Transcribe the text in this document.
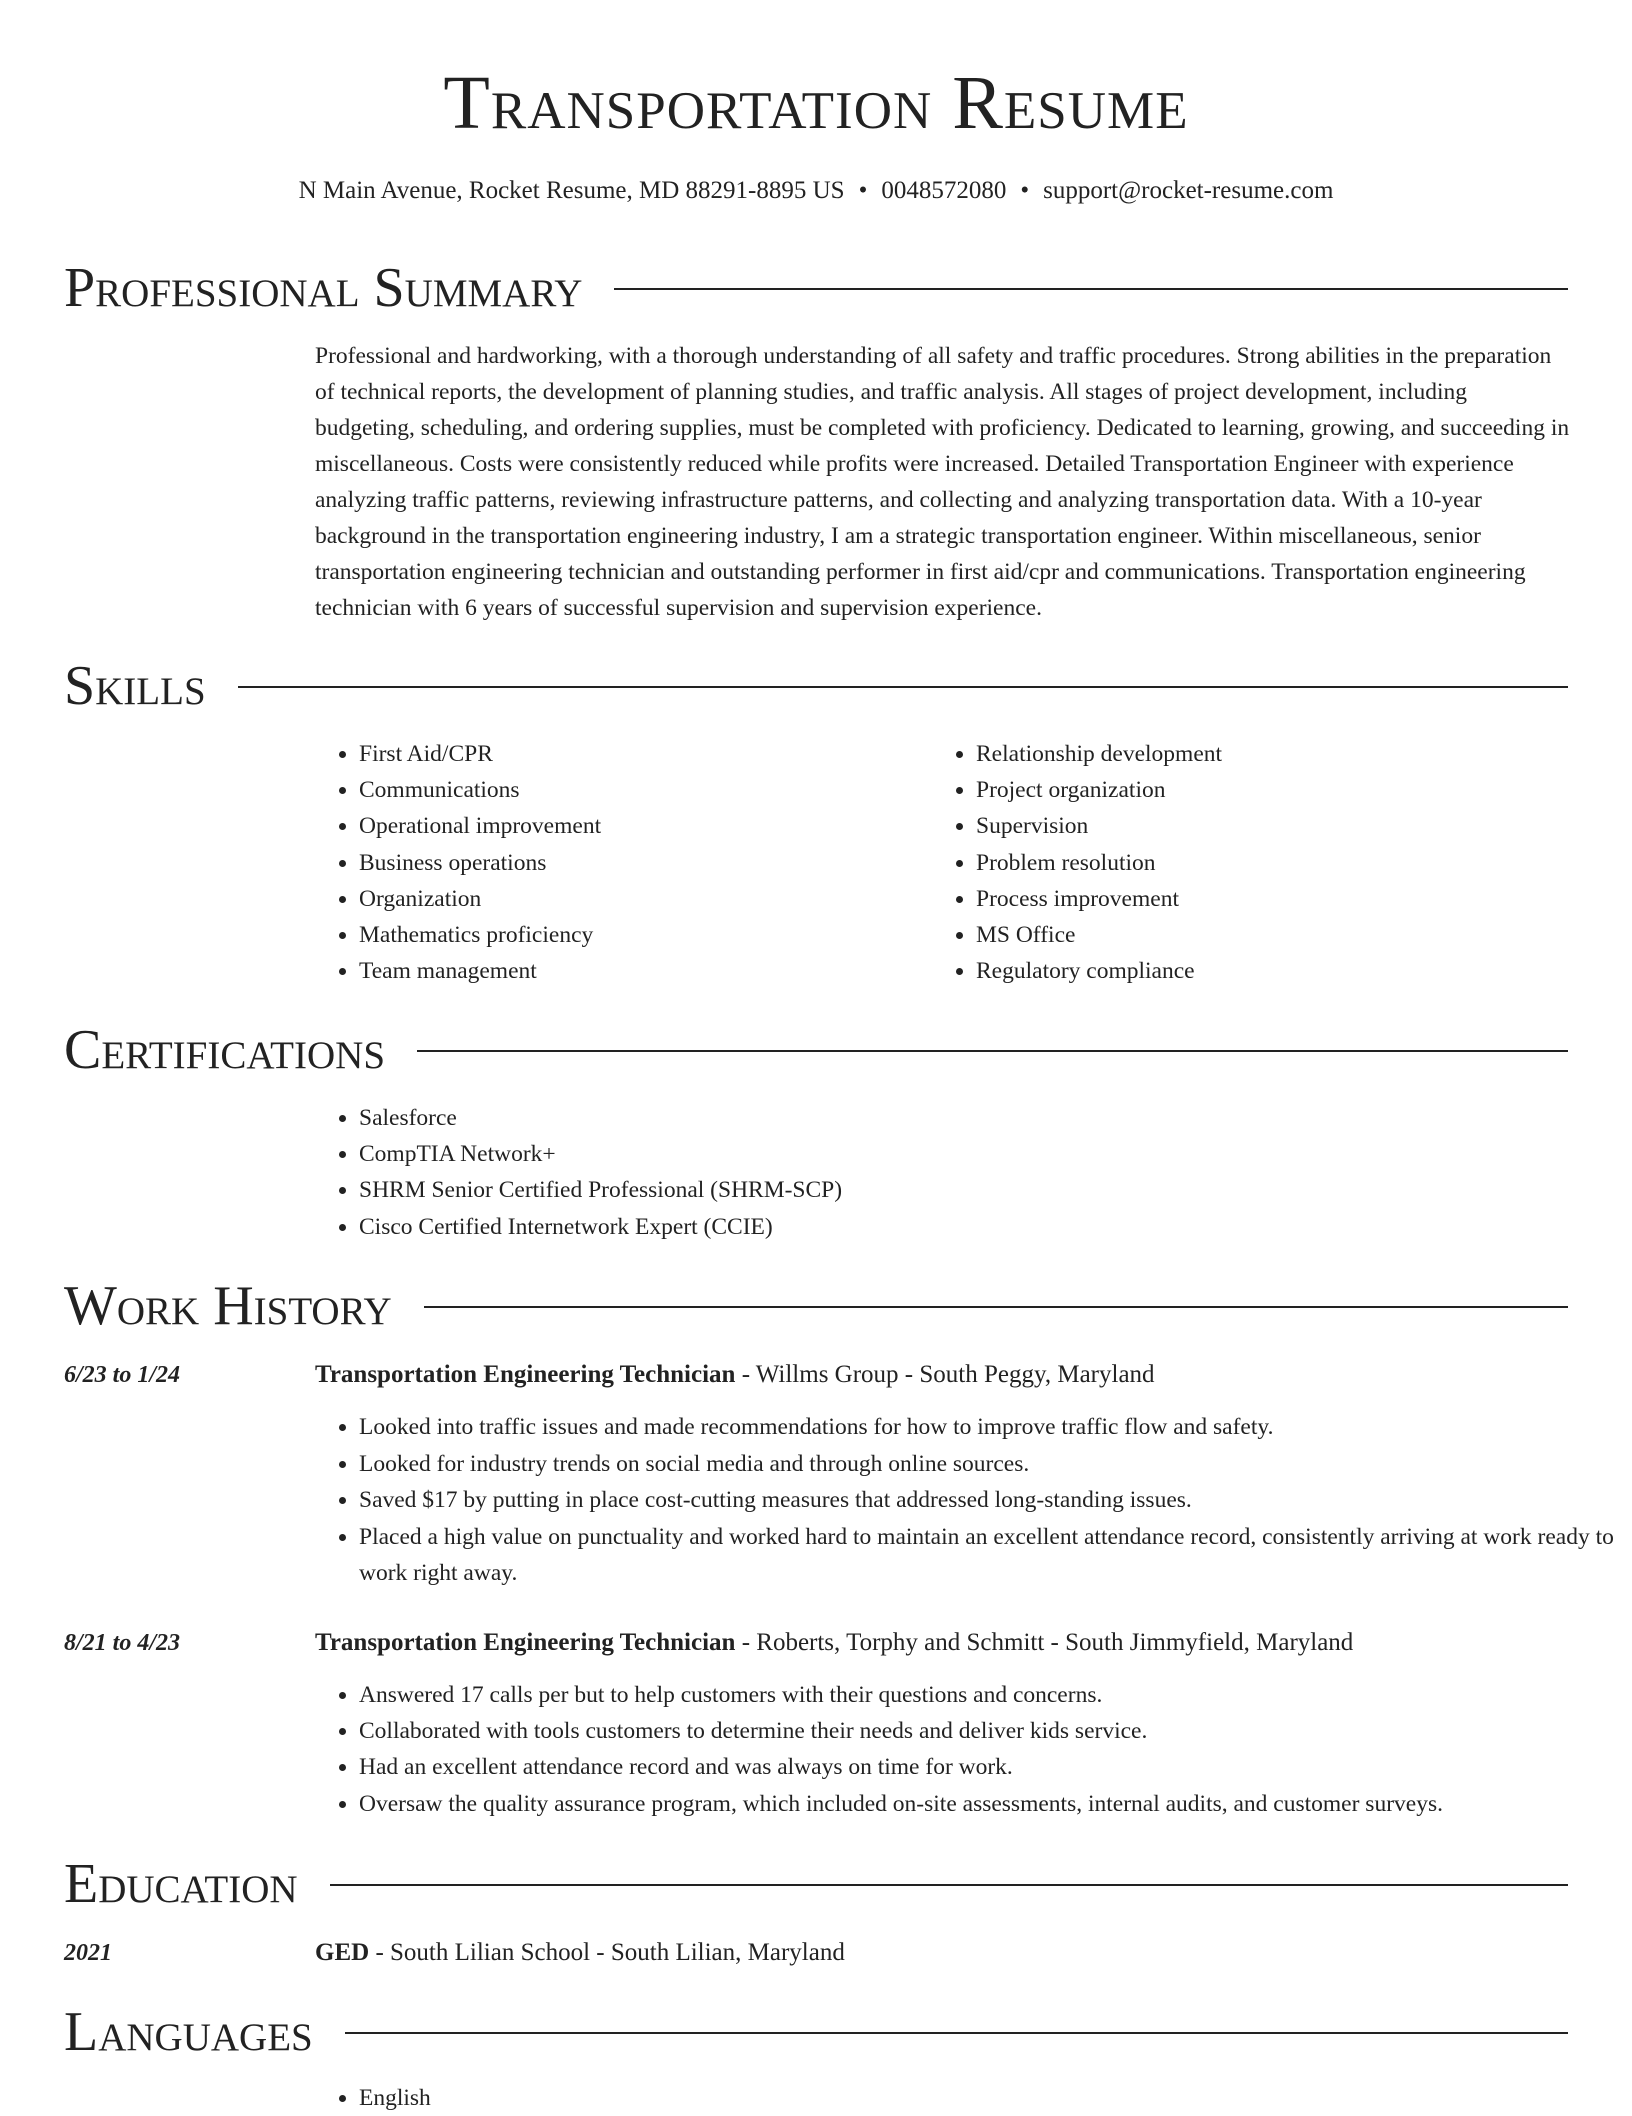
Transportation Resume
N Main Avenue, Rocket Resume, MD 88291-8895 US • 0048572080 • support@rocket-resume.com
Professional Summary

Professional and hardworking, with a thorough understanding of all safety and traffic procedures. Strong abilities in the preparation of technical reports, the development of planning studies, and traffic analysis. All stages of project development, including budgeting, scheduling, and ordering supplies, must be completed with proficiency. Dedicated to learning, growing, and succeeding in miscellaneous. Costs were consistently reduced while profits were increased. Detailed Transportation Engineer with experience analyzing traffic patterns, reviewing infrastructure patterns, and collecting and analyzing transportation data. With a 10-year background in the transportation engineering industry, I am a strategic transportation engineer. Within miscellaneous, senior transportation engineering technician and outstanding performer in first aid/cpr and communications. Transportation engineering technician with 6 years of successful supervision and supervision experience.

Skills
• First Aid/CPR
• Communications
• Operational improvement
• Business operations
• Organization
• Mathematics proficiency
• Team management
• Relationship development
• Project organization
• Supervision
• Problem resolution
• Process improvement
• MS Office
• Regulatory compliance
Certifications
• Salesforce
• CompTIA Network+
• SHRM Senior Certified Professional (SHRM-SCP)
• Cisco Certified Internetwork Expert (CCIE)
Work History
6/23 to 1/24	Transportation Engineering Technician - Willms Group - South Peggy, Maryland
• Looked into traffic issues and made recommendations for how to improve traffic flow and safety.
• Looked for industry trends on social media and through online sources.
• Saved $17 by putting in place cost-cutting measures that addressed long-standing issues.
• Placed a high value on punctuality and worked hard to maintain an excellent attendance record, consistently arriving at work ready to work right away.
8/21 to 4/23	Transportation Engineering Technician - Roberts, Torphy and Schmitt - South Jimmyfield, Maryland
• Answered 17 calls per but to help customers with their questions and concerns.
• Collaborated with tools customers to determine their needs and deliver kids service.
• Had an excellent attendance record and was always on time for work.
• Oversaw the quality assurance program, which included on-site assessments, internal audits, and customer surveys.
Education
2021	GED - South Lilian School - South Lilian, Maryland
Languages
• English
